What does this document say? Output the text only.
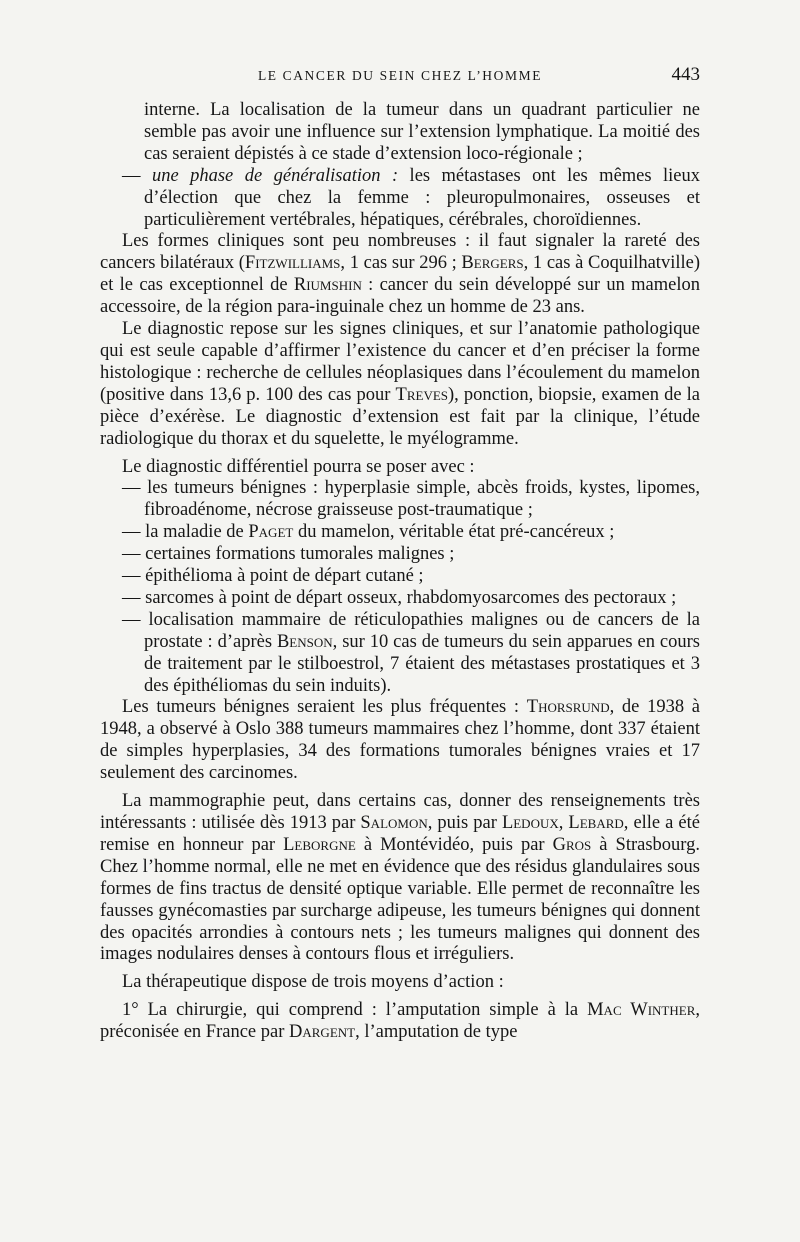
LE CANCER DU SEIN CHEZ L’HOMME	443

interne. La localisation de la tumeur dans un quadrant particulier ne semble pas avoir une influence sur l’extension lymphatique. La moitié des cas seraient dépistés à ce stade d’extension loco-régionale ;

— une phase de généralisation : les métastases ont les mêmes lieux d’élection que chez la femme : pleuropulmonaires, osseuses et particulièrement vertébrales, hépatiques, cérébrales, choroïdiennes.

Les formes cliniques sont peu nombreuses : il faut signaler la rareté des cancers bilatéraux (Fitzwilliams, 1 cas sur 296 ; Bergers, 1 cas à Coquilhatville) et le cas exceptionnel de Riumshin : cancer du sein développé sur un mamelon accessoire, de la région para-inguinale chez un homme de 23 ans.

Le diagnostic repose sur les signes cliniques, et sur l’anatomie pathologique qui est seule capable d’affirmer l’existence du cancer et d’en préciser la forme histologique : recherche de cellules néoplasiques dans l’écoulement du mamelon (positive dans 13,6 p. 100 des cas pour Treves), ponction, biopsie, examen de la pièce d’exérèse. Le diagnostic d’extension est fait par la clinique, l’étude radiologique du thorax et du squelette, le myélogramme.

Le diagnostic différentiel pourra se poser avec :

— les tumeurs bénignes : hyperplasie simple, abcès froids, kystes, lipomes, fibroadénome, nécrose graisseuse post-traumatique ;

— la maladie de Paget du mamelon, véritable état pré-cancéreux ;

— certaines formations tumorales malignes ;

— épithélioma à point de départ cutané ;

— sarcomes à point de départ osseux, rhabdomyosarcomes des pectoraux ;

— localisation mammaire de réticulopathies malignes ou de cancers de la prostate : d’après Benson, sur 10 cas de tumeurs du sein apparues en cours de traitement par le stilboestrol, 7 étaient des métastases prostatiques et 3 des épithéliomas du sein induits).

Les tumeurs bénignes seraient les plus fréquentes : Thorsrund, de 1938 à 1948, a observé à Oslo 388 tumeurs mammaires chez l’homme, dont 337 étaient de simples hyperplasies, 34 des formations tumorales bénignes vraies et 17 seulement des carcinomes.

La mammographie peut, dans certains cas, donner des renseignements très intéressants : utilisée dès 1913 par Salomon, puis par Ledoux, Lebard, elle a été remise en honneur par Leborgne à Montévidéo, puis par Gros à Strasbourg. Chez l’homme normal, elle ne met en évidence que des résidus glandulaires sous formes de fins tractus de densité optique variable. Elle permet de reconnaître les fausses gynécomasties par surcharge adipeuse, les tumeurs bénignes qui donnent des opacités arrondies à contours nets ; les tumeurs malignes qui donnent des images nodulaires denses à contours flous et irréguliers.

La thérapeutique dispose de trois moyens d’action :

1° La chirurgie, qui comprend : l’amputation simple à la Mac Winther, préconisée en France par Dargent, l’amputation de type
